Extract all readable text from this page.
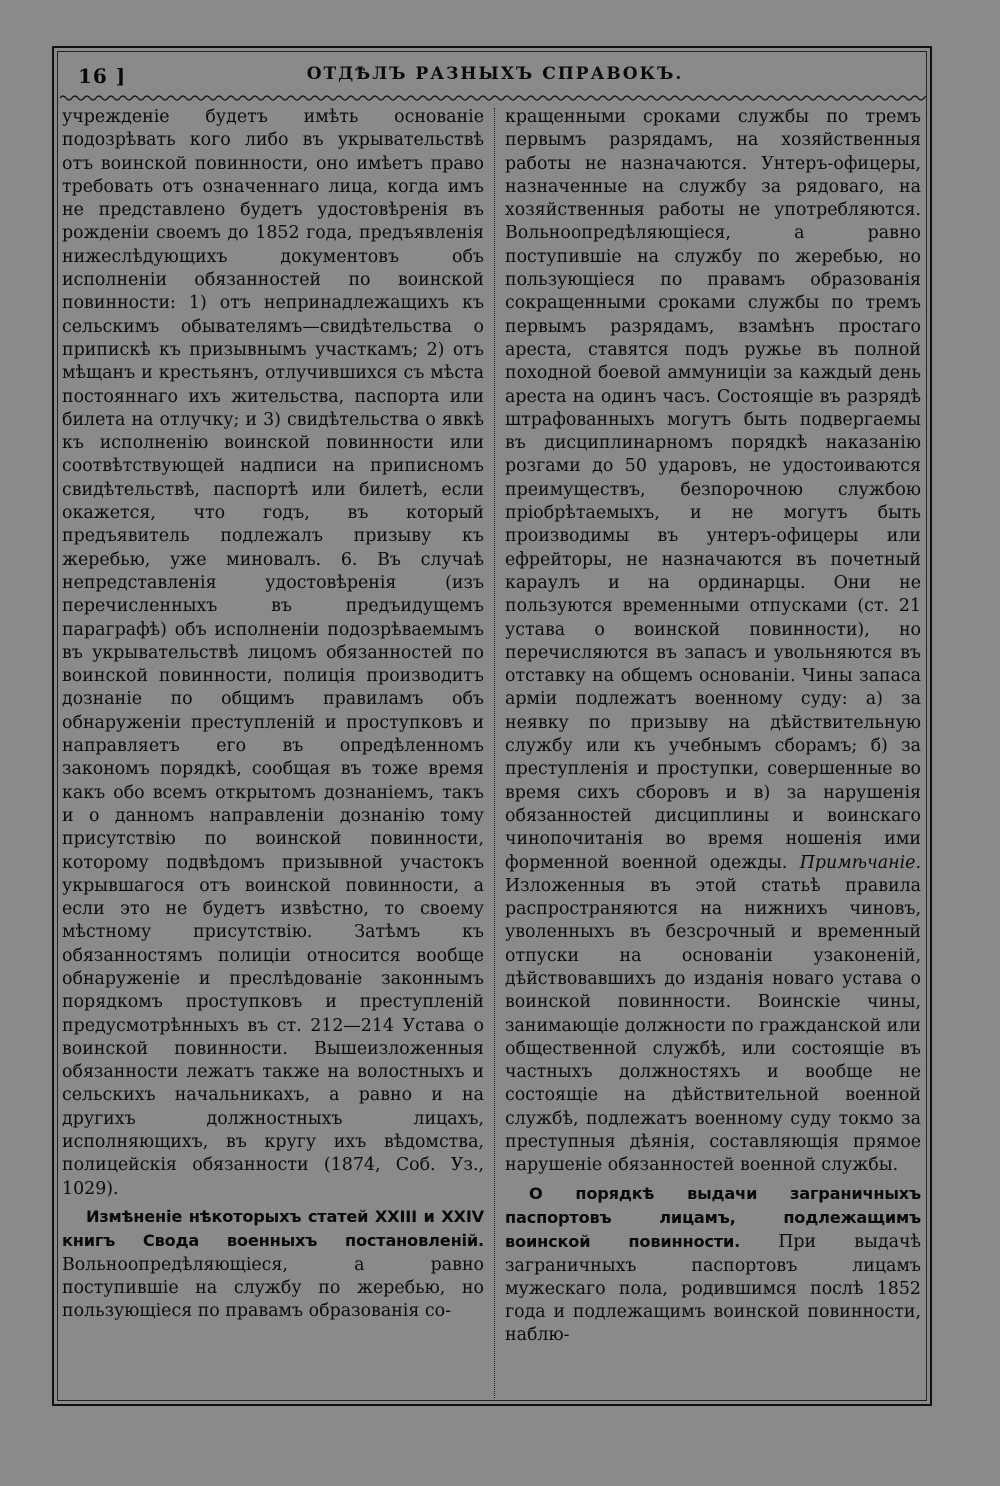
16 ]	ОТДѢЛЪ РАЗНЫХЪ СПРАВОКЪ.

учрежденіе будетъ имѣть основаніе подозрѣвать кого либо въ укрывательствѣ отъ воинской повинности, оно имѣетъ право требовать отъ означеннаго лица, когда имъ не представлено будетъ удостовѣренія въ рожденіи своемъ до 1852 года, предъявленія нижеслѣдующихъ документовъ объ исполненіи обязанностей по воинской повинности: 1) отъ непринадлежащихъ къ сельскимъ обывателямъ—свидѣтельства о припискѣ къ призывнымъ участкамъ; 2) отъ мѣщанъ и крестьянъ, отлучившихся съ мѣста постояннаго ихъ жительства, паспорта или билета на отлучку; и 3) свидѣтельства о явкѣ къ исполненію воинской повинности или соотвѣтствующей надписи на приписномъ свидѣтельствѣ, паспортѣ или билетѣ, если окажется, что годъ, въ который предъявитель подлежалъ призыву къ жеребью, уже миновалъ. 6. Въ случаѣ непредставленія удостовѣренія (изъ перечисленныхъ въ предъидущемъ параграфѣ) объ исполненіи подозрѣваемымъ въ укрывательствѣ лицомъ обязанностей по воинской повинности, полиція производитъ дознаніе по общимъ правиламъ объ обнаруженіи преступленій и проступковъ и направляетъ его въ опредѣленномъ закономъ порядкѣ, сообщая въ тоже время какъ обо всемъ открытомъ дознаніемъ, такъ и о данномъ направленіи дознанію тому присутствію по воинской повинности, которому подвѣдомъ призывной участокъ укрывшагося отъ воинской повинности, а если это не будетъ извѣстно, то своему мѣстному присутствію. Затѣмъ къ обязанностямъ полиціи относится вообще обнаруженіе и преслѣдованіе законнымъ порядкомъ проступковъ и преступленій предусмотрѣнныхъ въ ст. 212—214 Устава о воинской повинности. Вышеизложенныя обязанности лежатъ также на волостныхъ и сельскихъ начальникахъ, а равно и на другихъ должностныхъ лицахъ, исполняющихъ, въ кругу ихъ вѣдомства, полицейскія обязанности (1874, Соб. Уз., 1029).

Измѣненіе нѣкоторыхъ статей XXIII и XXIV книгъ Свода военныхъ постановленій. Вольноопредѣляющіеся, а равно поступившіе на службу по жеребью, но пользующіеся по правамъ образованія со-

кращенными сроками службы по тремъ первымъ разрядамъ, на хозяйственныя работы не назначаются. Унтеръ-офицеры, назначенные на службу за рядоваго, на хозяйственныя работы не употребляются. Вольноопредѣляющіеся, а равно поступившіе на службу по жеребью, но пользующіеся по правамъ образованія сокращенными сроками службы по тремъ первымъ разрядамъ, взамѣнъ простаго ареста, ставятся подъ ружье въ полной походной боевой аммуниціи за каждый день ареста на одинъ часъ. Состоящіе въ разрядѣ штрафованныхъ могутъ быть подвергаемы въ дисциплинарномъ порядкѣ наказанію розгами до 50 ударовъ, не удостоиваются преимуществъ, безпорочною службою пріобрѣтаемыхъ, и не могутъ быть производимы въ унтеръ-офицеры или ефрейторы, не назначаются въ почетный караулъ и на ординарцы. Они не пользуются временными отпусками (ст. 21 устава о воинской повинности), но перечисляются въ запасъ и увольняются въ отставку на общемъ основаніи. Чины запаса арміи подлежатъ военному суду: а) за неявку по призыву на дѣйствительную службу или къ учебнымъ сборамъ; б) за преступленія и проступки, совершенные во время сихъ сборовъ и в) за нарушенія обязанностей дисциплины и воинскаго чинопочитанія во время ношенія ими форменной военной одежды. Примѣчаніе. Изложенныя въ этой статьѣ правила распространяются на нижнихъ чиновъ, уволенныхъ въ безсрочный и временный отпуски на основаніи узаконеній, дѣйствовавшихъ до изданія новаго устава о воинской повинности. Воинскіе чины, занимающіе должности по гражданской или общественной службѣ, или состоящіе въ частныхъ должностяхъ и вообще не состоящіе на дѣйствительной военной службѣ, подлежатъ военному суду токмо за преступныя дѣянія, составляющія прямое нарушеніе обязанностей военной службы.

О порядкѣ выдачи заграничныхъ паспортовъ лицамъ, подлежащимъ воинской повинности. При выдачѣ заграничныхъ паспортовъ лицамъ мужескаго пола, родившимся послѣ 1852 года и подлежащимъ воинской повинности, наблю-
